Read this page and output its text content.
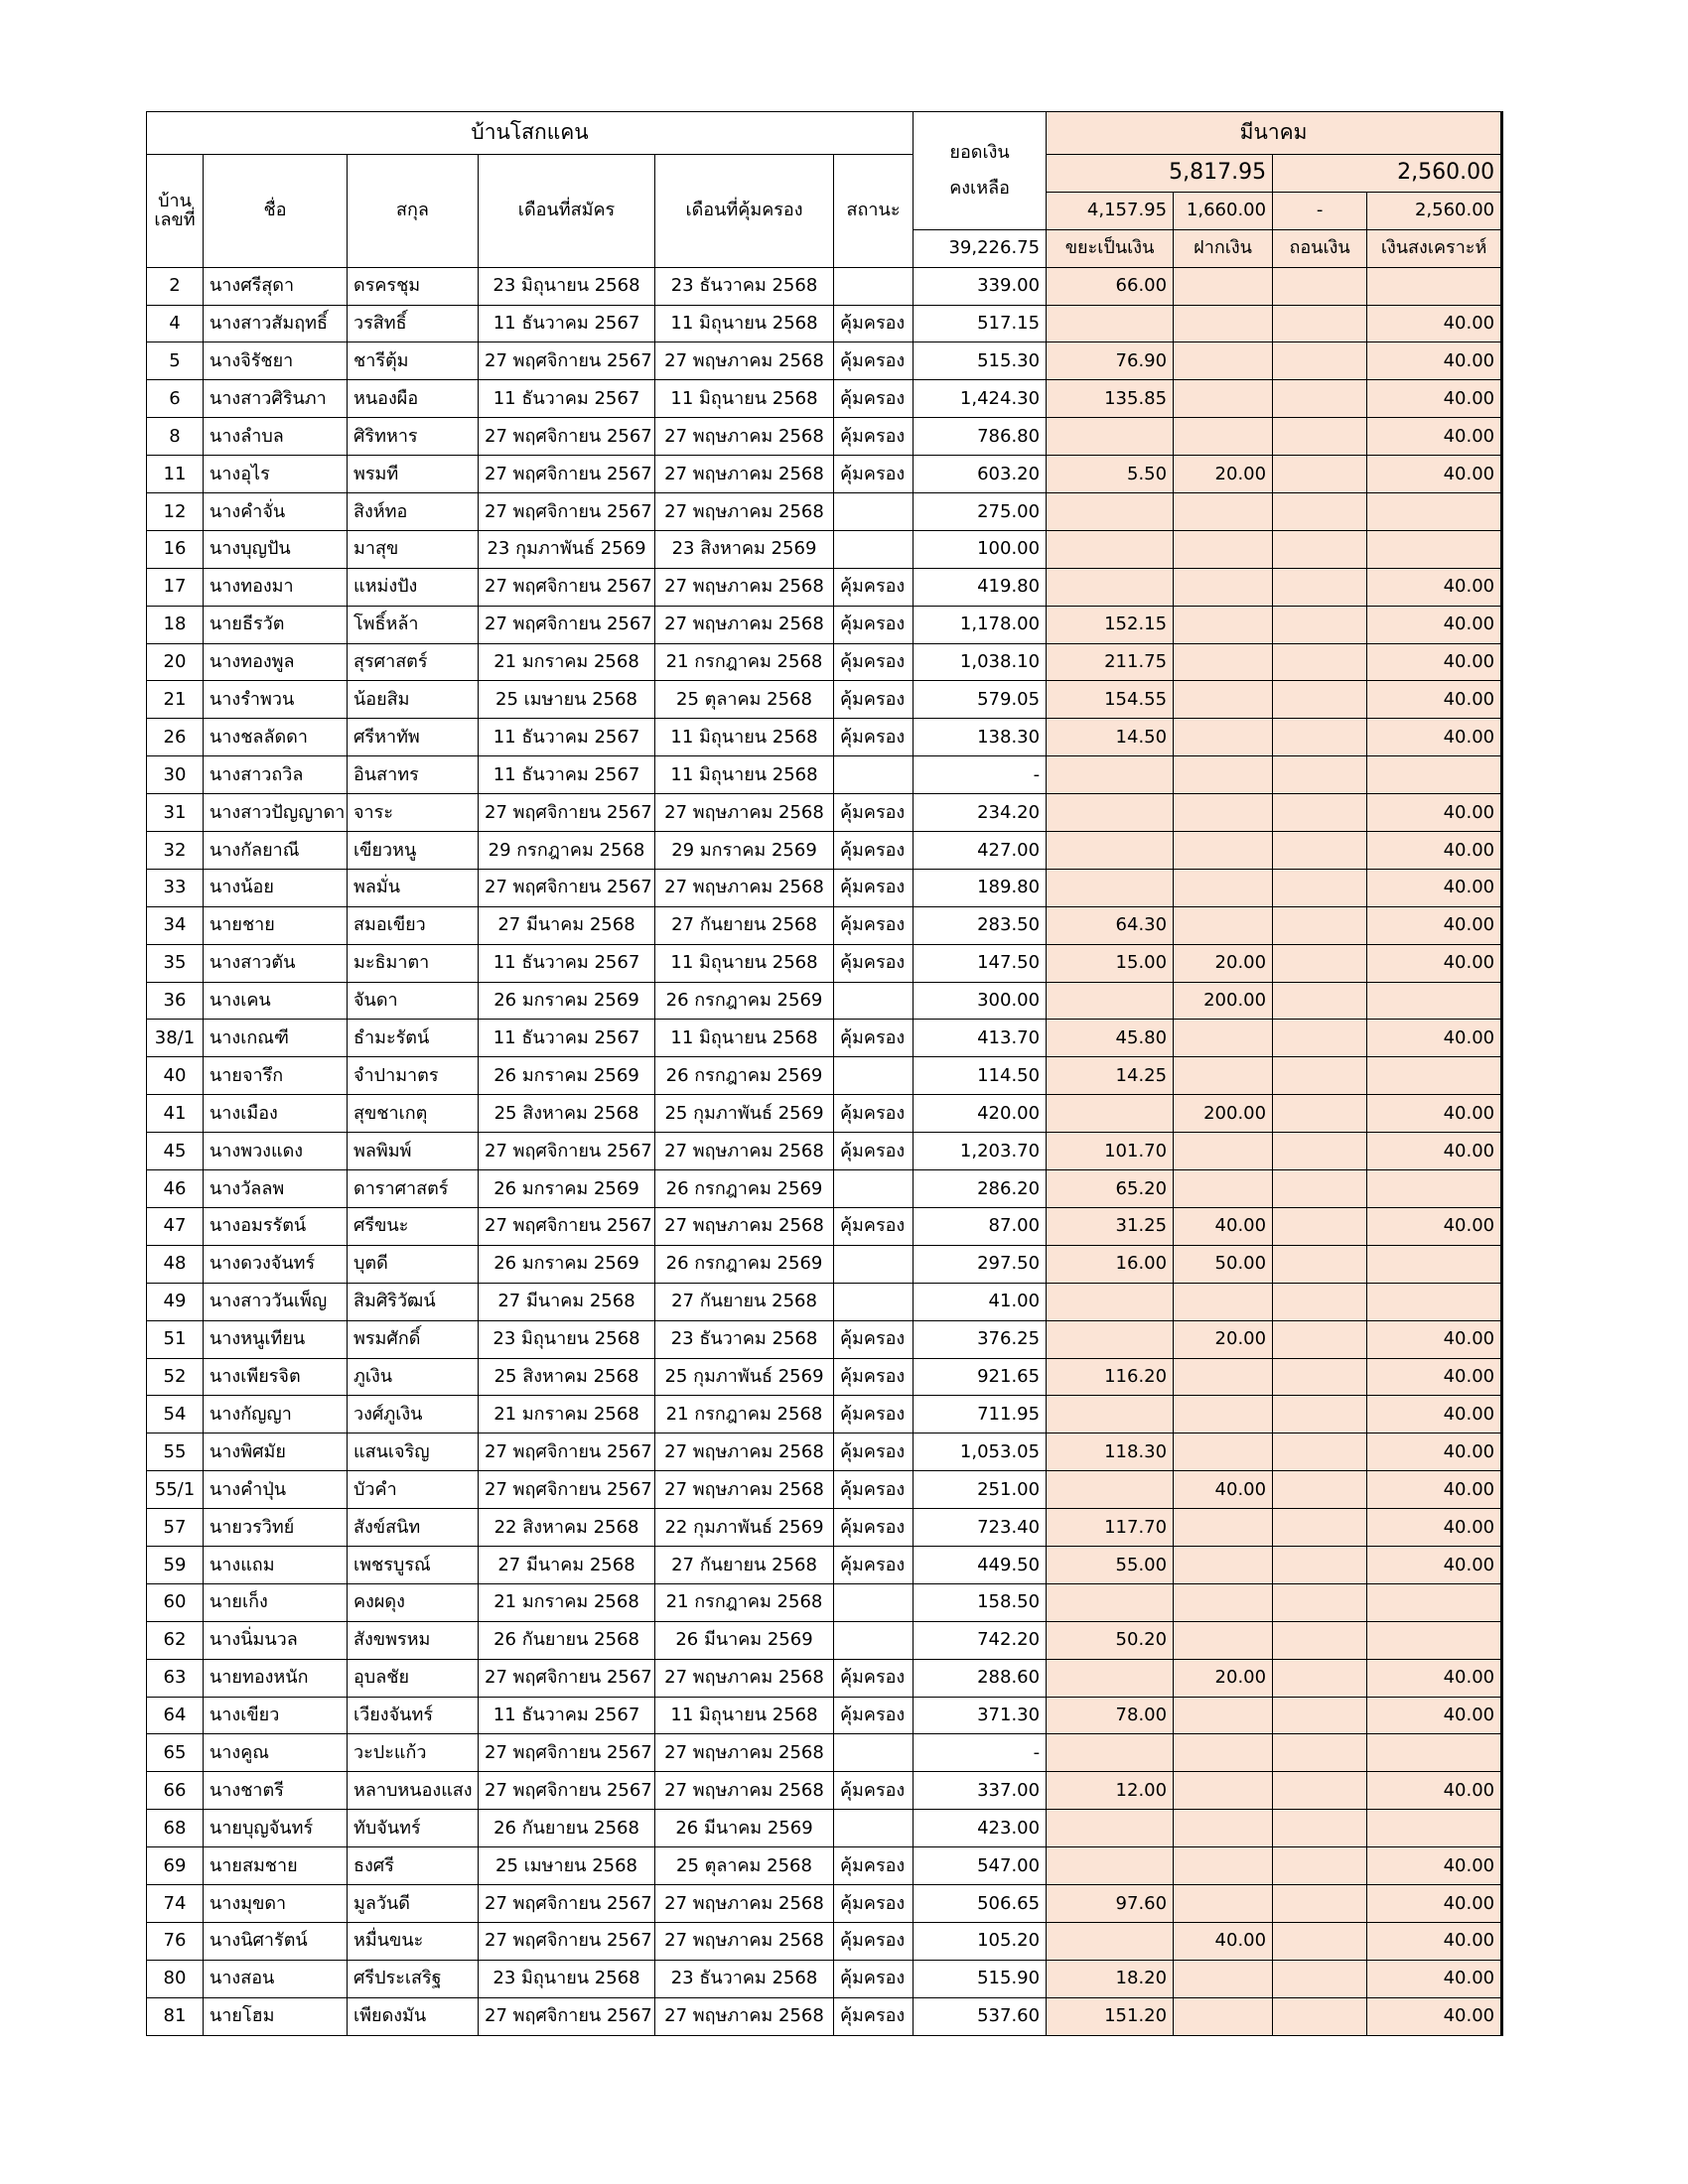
บ้านโสกแคน						ยอดเงิน
คงเหลือ	มีนาคม			

บ้าน
เลขที่	ชื่อ	สกุล	เดือนที่สมัคร	เดือนที่คุ้มครอง	สถานะ		5,817.95		2,560.00	
							4,157.95	1,660.00	-	2,560.00
						39,226.75	ขยะเป็นเงิน	ฝากเงิน	ถอนเงิน	เงินสงเคราะห์
2	นางศรีสุดา	ดรครชุม	23 มิถุนายน 2568	23 ธันวาคม 2568		339.00	66.00			
4	นางสาวสัมฤทธิ์	วรสิทธิ์	11 ธันวาคม 2567	11 มิถุนายน 2568	คุ้มครอง	517.15				40.00
5	นางจิรัชยา	ชารีตุ้ม	27 พฤศจิกายน 2567	27 พฤษภาคม 2568	คุ้มครอง	515.30	76.90			40.00
6	นางสาวศิรินภา	หนองผือ	11 ธันวาคม 2567	11 มิถุนายน 2568	คุ้มครอง	1,424.30	135.85			40.00
8	นางลำบล	ศิริทหาร	27 พฤศจิกายน 2567	27 พฤษภาคม 2568	คุ้มครอง	786.80				40.00
11	นางอุไร	พรมที	27 พฤศจิกายน 2567	27 พฤษภาคม 2568	คุ้มครอง	603.20	5.50	20.00		40.00
12	นางคำจั่น	สิงห์ทอ	27 พฤศจิกายน 2567	27 พฤษภาคม 2568		275.00				
16	นางบุญปัน	มาสุข	23 กุมภาพันธ์ 2569	23 สิงหาคม 2569		100.00				
17	นางทองมา	แหม่งปัง	27 พฤศจิกายน 2567	27 พฤษภาคม 2568	คุ้มครอง	419.80				40.00
18	นายธีรวัต	โพธิ์หล้า	27 พฤศจิกายน 2567	27 พฤษภาคม 2568	คุ้มครอง	1,178.00	152.15			40.00
20	นางทองพูล	สุรศาสตร์	21 มกราคม 2568	21 กรกฎาคม 2568	คุ้มครอง	1,038.10	211.75			40.00
21	นางรำพวน	น้อยสิม	25 เมษายน 2568	25 ตุลาคม 2568	คุ้มครอง	579.05	154.55			40.00
26	นางชลลัดดา	ศรีหาทัพ	11 ธันวาคม 2567	11 มิถุนายน 2568	คุ้มครอง	138.30	14.50			40.00
30	นางสาวถวิล	อินสาทร	11 ธันวาคม 2567	11 มิถุนายน 2568		-				
31	นางสาวปัญญาดา	จาระ	27 พฤศจิกายน 2567	27 พฤษภาคม 2568	คุ้มครอง	234.20				40.00
32	นางกัลยาณี	เขียวหนู	29 กรกฎาคม 2568	29 มกราคม 2569	คุ้มครอง	427.00				40.00
33	นางน้อย	พลมั่น	27 พฤศจิกายน 2567	27 พฤษภาคม 2568	คุ้มครอง	189.80				40.00
34	นายชาย	สมอเขียว	27 มีนาคม 2568	27 กันยายน 2568	คุ้มครอง	283.50	64.30			40.00
35	นางสาวตัน	มะธิมาตา	11 ธันวาคม 2567	11 มิถุนายน 2568	คุ้มครอง	147.50	15.00	20.00		40.00
36	นางเคน	จันดา	26 มกราคม 2569	26 กรกฎาคม 2569		300.00		200.00		
38/1	นางเกณฑี	ธำมะรัตน์	11 ธันวาคม 2567	11 มิถุนายน 2568	คุ้มครอง	413.70	45.80			40.00
40	นายจารึก	จำปามาตร	26 มกราคม 2569	26 กรกฎาคม 2569		114.50	14.25			
41	นางเมือง	สุขชาเกตุ	25 สิงหาคม 2568	25 กุมภาพันธ์ 2569	คุ้มครอง	420.00		200.00		40.00
45	นางพวงแดง	พลพิมพ์	27 พฤศจิกายน 2567	27 พฤษภาคม 2568	คุ้มครอง	1,203.70	101.70			40.00
46	นางวัลลพ	ดาราศาสตร์	26 มกราคม 2569	26 กรกฎาคม 2569		286.20	65.20			
47	นางอมรรัตน์	ศรีขนะ	27 พฤศจิกายน 2567	27 พฤษภาคม 2568	คุ้มครอง	87.00	31.25	40.00		40.00
48	นางดวงจันทร์	บุตดี	26 มกราคม 2569	26 กรกฎาคม 2569		297.50	16.00	50.00		
49	นางสาววันเพ็ญ	สิมศิริวัฒน์	27 มีนาคม 2568	27 กันยายน 2568		41.00				
51	นางหนูเทียน	พรมศักดิ์	23 มิถุนายน 2568	23 ธันวาคม 2568	คุ้มครอง	376.25		20.00		40.00
52	นางเพียรจิต	ภูเงิน	25 สิงหาคม 2568	25 กุมภาพันธ์ 2569	คุ้มครอง	921.65	116.20			40.00
54	นางกัญญา	วงศ์ภูเงิน	21 มกราคม 2568	21 กรกฎาคม 2568	คุ้มครอง	711.95				40.00
55	นางพิศมัย	แสนเจริญ	27 พฤศจิกายน 2567	27 พฤษภาคม 2568	คุ้มครอง	1,053.05	118.30			40.00
55/1	นางคำปุ่น	บัวคำ	27 พฤศจิกายน 2567	27 พฤษภาคม 2568	คุ้มครอง	251.00		40.00		40.00
57	นายวรวิทย์	สังข์สนิท	22 สิงหาคม 2568	22 กุมภาพันธ์ 2569	คุ้มครอง	723.40	117.70			40.00
59	นางแถม	เพชรบูรณ์	27 มีนาคม 2568	27 กันยายน 2568	คุ้มครอง	449.50	55.00			40.00
60	นายเก็ง	คงผดุง	21 มกราคม 2568	21 กรกฎาคม 2568		158.50				
62	นางนิ่มนวล	สังขพรหม	26 กันยายน 2568	26 มีนาคม 2569		742.20	50.20			
63	นายทองหนัก	อุบลชัย	27 พฤศจิกายน 2567	27 พฤษภาคม 2568	คุ้มครอง	288.60		20.00		40.00
64	นางเขียว	เวียงจันทร์	11 ธันวาคม 2567	11 มิถุนายน 2568	คุ้มครอง	371.30	78.00			40.00
65	นางคูณ	วะปะแก้ว	27 พฤศจิกายน 2567	27 พฤษภาคม 2568		-				
66	นางชาตรี	หลาบหนองแสง	27 พฤศจิกายน 2567	27 พฤษภาคม 2568	คุ้มครอง	337.00	12.00			40.00
68	นายบุญจันทร์	ทับจันทร์	26 กันยายน 2568	26 มีนาคม 2569		423.00				
69	นายสมชาย	ธงศรี	25 เมษายน 2568	25 ตุลาคม 2568	คุ้มครอง	547.00				40.00
74	นางมุขดา	มูลวันดี	27 พฤศจิกายน 2567	27 พฤษภาคม 2568	คุ้มครอง	506.65	97.60			40.00
76	นางนิศารัตน์	หมื่นขนะ	27 พฤศจิกายน 2567	27 พฤษภาคม 2568	คุ้มครอง	105.20		40.00		40.00
80	นางสอน	ศรีประเสริฐ	23 มิถุนายน 2568	23 ธันวาคม 2568	คุ้มครอง	515.90	18.20			40.00
81	นายโฮม	เพียดงมัน	27 พฤศจิกายน 2567	27 พฤษภาคม 2568	คุ้มครอง	537.60	151.20			40.00
